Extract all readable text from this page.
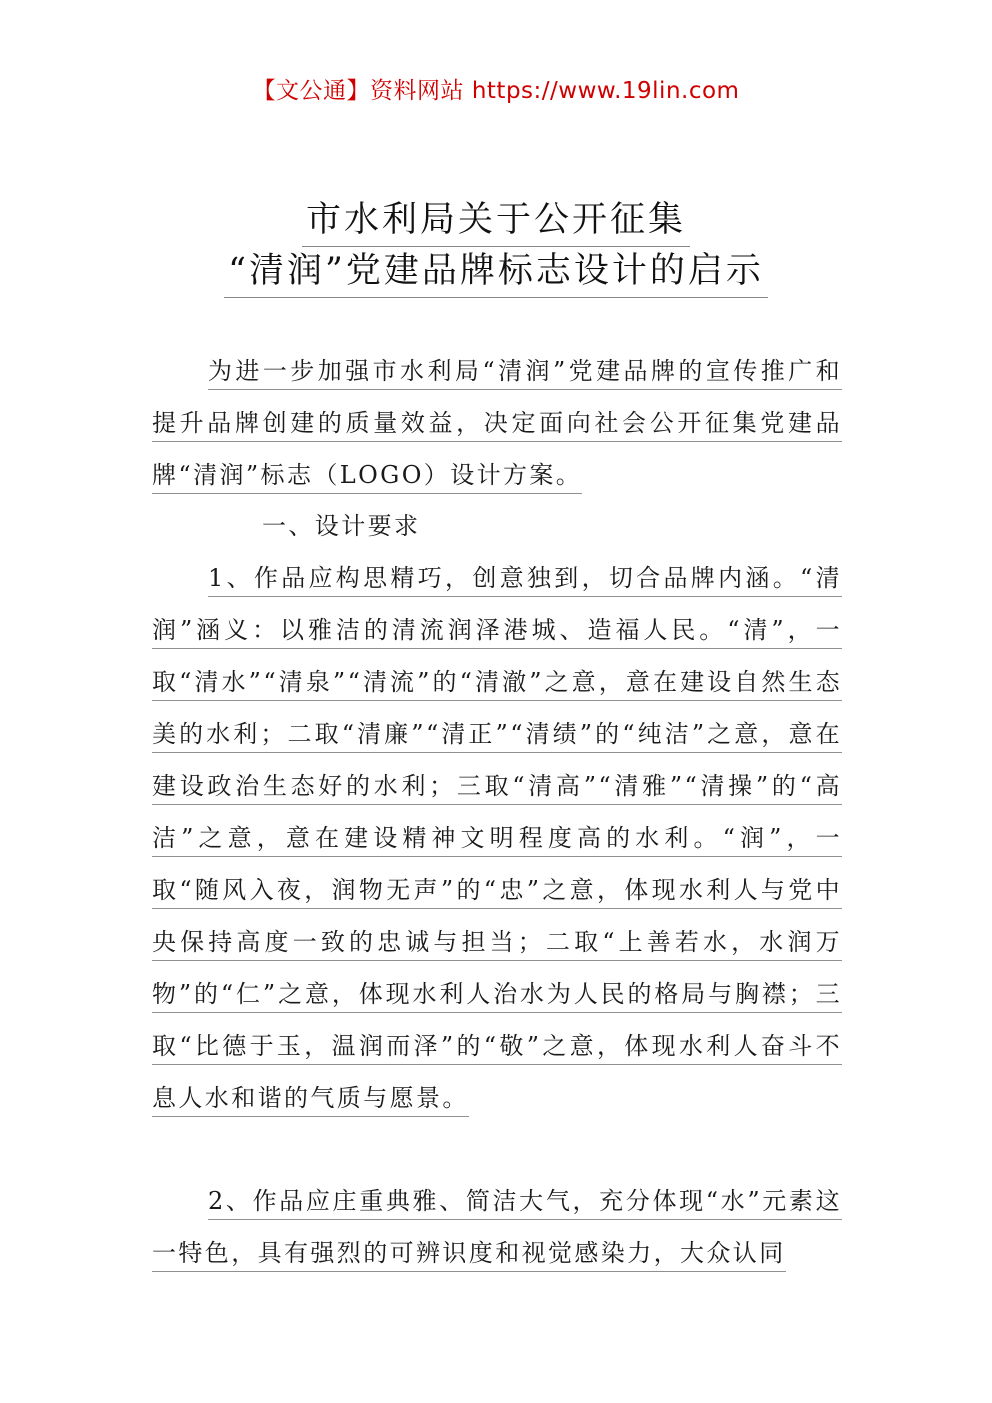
【文公通】资料网站 https://www.19lin.com
市水利局关于公开征集
“清润”党建品牌标志设计的启示

为进一步加强市水利局“清润”党建品牌的宣传推广和提升品牌创建的质量效益，决定面向社会公开征集党建品牌“清润”标志（LOGO）设计方案。

一、设计要求

1、作品应构思精巧，创意独到，切合品牌内涵。“清润”涵义：以雅洁的清流润泽港城、造福人民。“清”，一取“清水”“清泉”“清流”的“清澈”之意，意在建设自然生态美的水利；二取“清廉”“清正”“清绩”的“纯洁”之意，意在建设政治生态好的水利；三取“清高”“清雅”“清操”的“高洁”之意，意在建设精神文明程度高的水利。“润”，一取“随风入夜，润物无声”的“忠”之意，体现水利人与党中央保持高度一致的忠诚与担当；二取“上善若水，水润万物”的“仁”之意，体现水利人治水为人民的格局与胸襟；三取“比德于玉，温润而泽”的“敬”之意，体现水利人奋斗不息人水和谐的气质与愿景。

2、作品应庄重典雅、简洁大气，充分体现“水”元素这一特色，具有强烈的可辨识度和视觉感染力，大众认同
